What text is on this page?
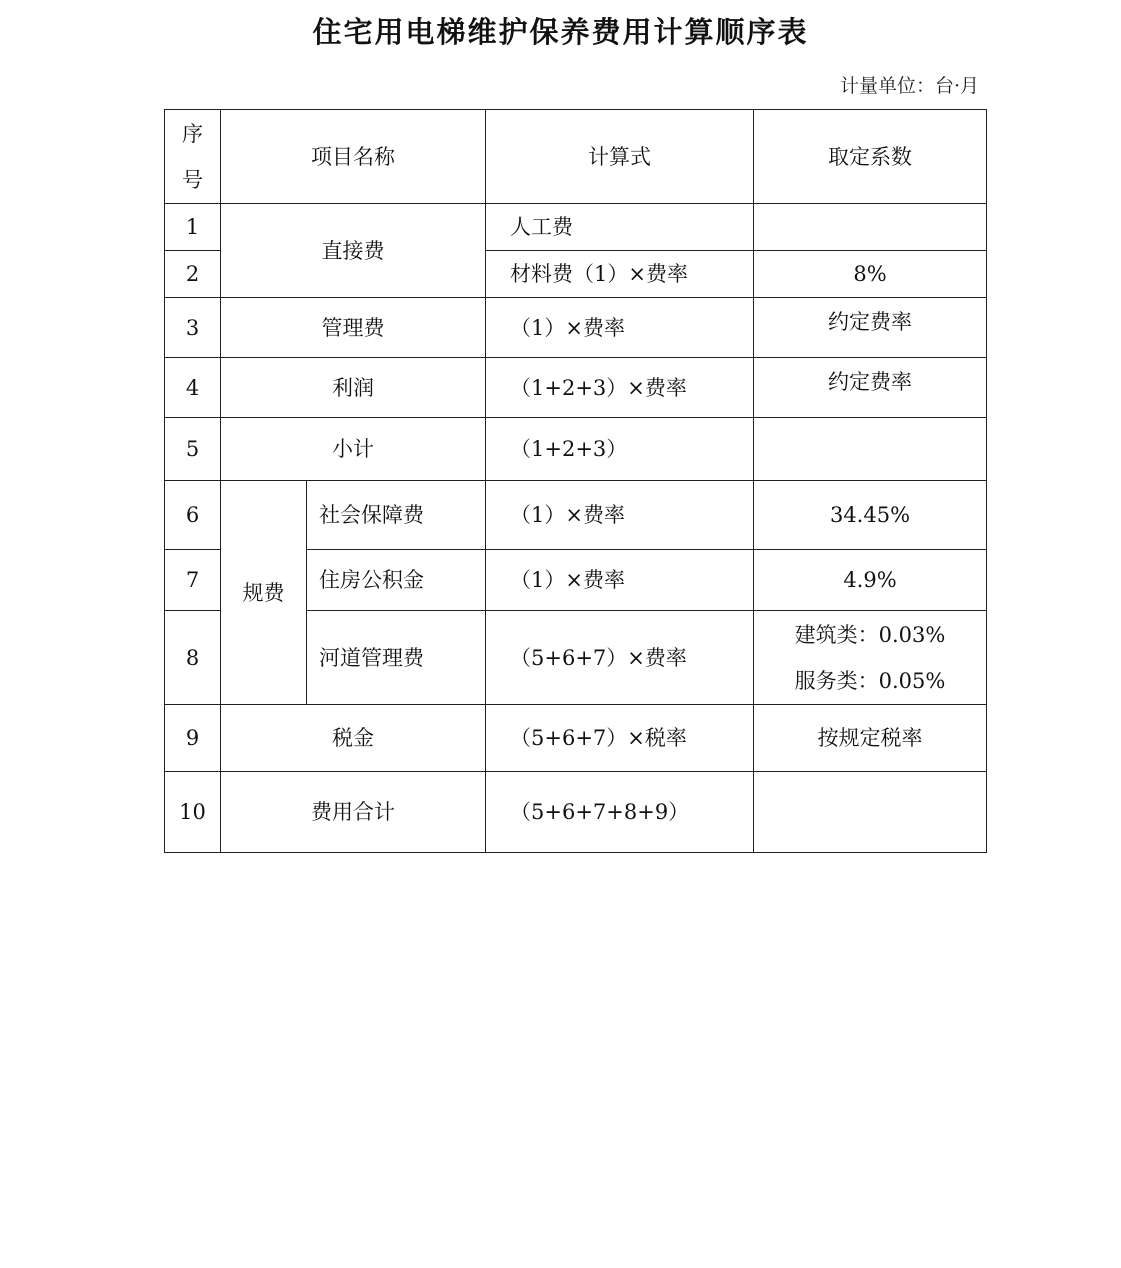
住宅用电梯维护保养费用计算顺序表
计量单位：台·月
序
号	项目名称		计算式	取定系数
1	直接费		人工费	
2			材料费（1）×费率	8%
3	管理费		（1）×费率	约定费率
4	利润		（1+2+3）×费率	约定费率
5	小计		（1+2+3）	
6	规费	社会保障费	（1）×费率	34.45%
7		住房公积金	（1）×费率	4.9%
8		河道管理费	（5+6+7）×费率	建筑类：0.03%
服务类：0.05%

9	税金		（5+6+7）×税率	按规定税率
10	费用合计		（5+6+7+8+9）	
